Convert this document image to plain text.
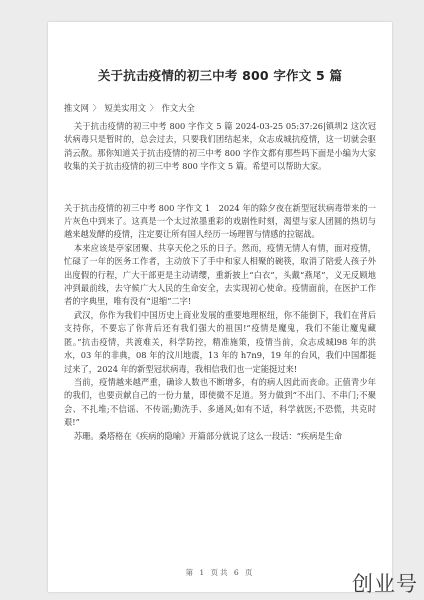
关于抗击疫情的初三中考 800 字作文 5 篇
推文网 〉 短美实用文 〉 作文大全

关于抗击疫情的初三中考 800 字作文 5 篇 2024-03-25 05:37:26|镇圳2 这次冠状病毒只是暂时的，总会过去，只要我们团结起来，众志成城抗疫情，这一切就会驱消云散。那你知道关于抗击疫情的初三中考 800 字作文都有那些吗下面是小编为大家收集的关于抗击疫情的初三中考 800 字作文 5 篇。希望可以帮助大家。

关于抗击疫情的初三中考 800 字作文 1　2024 年的除夕夜在新型冠状病毒带来的一片灰色中到来了。这真是一个太过浓墨重彩的戏剧性时刻，渴望与家人团圆的热切与越来越发酵的疫情，注定要让所有国人经历一场理智与情感的拉锯战。

本来应该是亭家团聚、共享天伦之乐的日子。然而，疫情无情人有情，面对疫情，忙碌了一年的医务工作者，主动放下了手中和家人相聚的碗筷，取消了陪爱人孩子外出度假的行程，广大干部更是主动请缨，重新披上“白衣”，头戴“燕尾”，义无反顾地冲到最前线，去守候广大人民的生命安全，去实现初心使命。疫情面前，在医护工作者的字典里，唯有没有“退缩”二字!

武汉，你作为我们中国历史上商业发展的重要地理枢纽，你不能倒下，我们在背后支持你，不要忘了你背后还有我们强大的祖国!“疫情是魔鬼，我们不能让魔鬼藏匿。”抗击疫情，共渡难关，科学防控，精准施策，疫情当前，众志成城l98 年的洪水，03 年的非典，08 年的汶川地震，13 年的 h7n9，19 年的台风，我们中国都挺过来了，2024 年的新型冠状病毒，我相信我们也一定能挺过来!

当前，疫情越来越严重，确诊人数也不断增多，有的病人因此而丧命。正值青少年的我们，也要贡献自己的一份力量，即使微不足道。努力做到“不出门、不串门;不聚会、不扎堆;不信谣、不传谣;勤洗手、多通风;如有不适，科学就医;不恐慌，共克时艰!”

苏珊。桑塔格在《疾病的隐喻》开篇部分就说了这么一段话：“疾病是生命

第 1 页共 6 页	创业号
